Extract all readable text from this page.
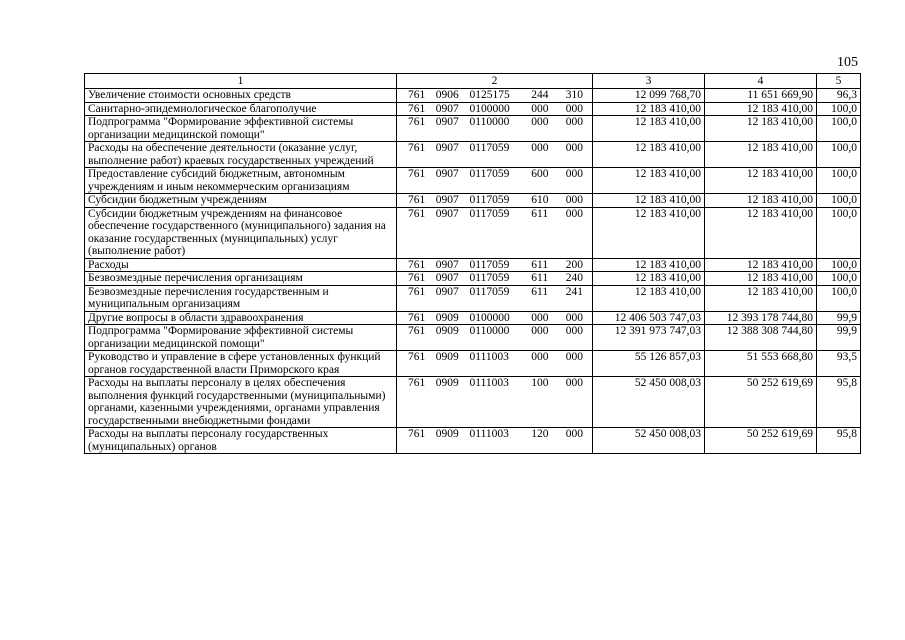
105
1	2	3	4	5
Увеличение стоимости основных средств	761 0906 0125175 244 310	12 099 768,70	11 651 669,90	96,3
Санитарно-эпидемиологическое благополучие	761 0907 0100000 000 000	12 183 410,00	12 183 410,00	100,0
Подпрограмма "Формирование эффективной системы организации медицинской помощи"	761 0907 0110000 000 000	12 183 410,00	12 183 410,00	100,0
Расходы на обеспечение деятельности (оказание услуг, выполнение работ) краевых государственных учреждений	761 0907 0117059 000 000	12 183 410,00	12 183 410,00	100,0
Предоставление субсидий бюджетным, автономным учреждениям и иным некоммерческим организациям	761 0907 0117059 600 000	12 183 410,00	12 183 410,00	100,0
Субсидии бюджетным учреждениям	761 0907 0117059 610 000	12 183 410,00	12 183 410,00	100,0
Субсидии бюджетным учреждениям на финансовое обеспечение государственного (муниципального) задания на оказание государственных (муниципальных) услуг (выполнение работ)	761 0907 0117059 611 000	12 183 410,00	12 183 410,00	100,0
Расходы	761 0907 0117059 611 200	12 183 410,00	12 183 410,00	100,0
Безвозмездные перечисления организациям	761 0907 0117059 611 240	12 183 410,00	12 183 410,00	100,0
Безвозмездные перечисления государственным и муниципальным организациям	761 0907 0117059 611 241	12 183 410,00	12 183 410,00	100,0
Другие вопросы в области здравоохранения	761 0909 0100000 000 000	12 406 503 747,03	12 393 178 744,80	99,9
Подпрограмма "Формирование эффективной системы организации медицинской помощи"	761 0909 0110000 000 000	12 391 973 747,03	12 388 308 744,80	99,9
Руководство и управление в сфере установленных функций органов государственной власти Приморского края	761 0909 0111003 000 000	55 126 857,03	51 553 668,80	93,5
Расходы на выплаты персоналу в целях обеспечения выполнения функций государственными (муниципальными) органами, казенными учреждениями, органами управления государственными внебюджетными фондами	761 0909 0111003 100 000	52 450 008,03	50 252 619,69	95,8
Расходы на выплаты персоналу государственных (муниципальных) органов	761 0909 0111003 120 000	52 450 008,03	50 252 619,69	95,8
